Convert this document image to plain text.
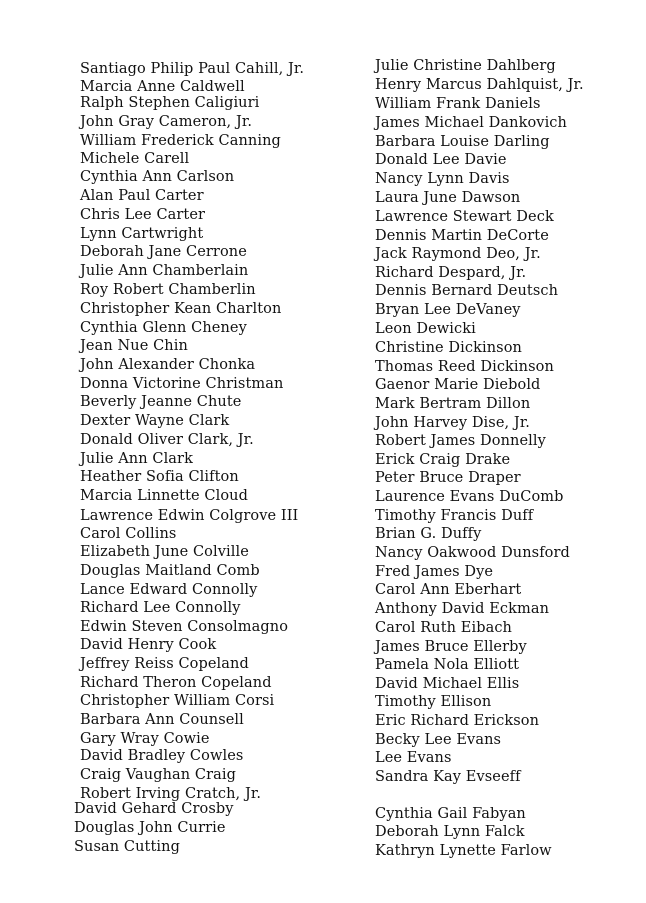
Santiago Philip Paul Cahill, Jr.
Marcia Anne Caldwell
Ralph Stephen Caligiuri
John Gray Cameron, Jr.
William Frederick Canning
Michele Carell
Cynthia Ann Carlson
Alan Paul Carter
Chris Lee Carter
Lynn Cartwright
Deborah Jane Cerrone
Julie Ann Chamberlain
Roy Robert Chamberlin
Christopher Kean Charlton
Cynthia Glenn Cheney
Jean Nue Chin
John Alexander Chonka
Donna Victorine Christman
Beverly Jeanne Chute
Dexter Wayne Clark
Donald Oliver Clark, Jr.
Julie Ann Clark
Heather Sofia Clifton
Marcia Linnette Cloud
Lawrence Edwin Colgrove III
Carol Collins
Elizabeth June Colville
Douglas Maitland Comb
Lance Edward Connolly
Richard Lee Connolly
Edwin Steven Consolmagno
David Henry Cook
Jeffrey Reiss Copeland
Richard Theron Copeland
Christopher William Corsi
Barbara Ann Counsell
Gary Wray Cowie
David Bradley Cowles
Craig Vaughan Craig
Robert Irving Cratch, Jr.
David Gehard Crosby
Douglas John Currie
Susan Cutting
Julie Christine Dahlberg
Henry Marcus Dahlquist, Jr.
William Frank Daniels
James Michael Dankovich
Barbara Louise Darling
Donald Lee Davie
Nancy Lynn Davis
Laura June Dawson
Lawrence Stewart Deck
Dennis Martin DeCorte
Jack Raymond Deo, Jr.
Richard Despard, Jr.
Dennis Bernard Deutsch
Bryan Lee DeVaney
Leon Dewicki
Christine Dickinson
Thomas Reed Dickinson
Gaenor Marie Diebold
Mark Bertram Dillon
John Harvey Dise, Jr.
Robert James Donnelly
Erick Craig Drake
Peter Bruce Draper
Laurence Evans DuComb
Timothy Francis Duff
Brian G. Duffy
Nancy Oakwood Dunsford
Fred James Dye
Carol Ann Eberhart
Anthony David Eckman
Carol Ruth Eibach
James Bruce Ellerby
Pamela Nola Elliott
David Michael Ellis
Timothy Ellison
Eric Richard Erickson
Becky Lee Evans
Lee Evans
Sandra Kay Evseeff
Cynthia Gail Fabyan
Deborah Lynn Falck
Kathryn Lynette Farlow
